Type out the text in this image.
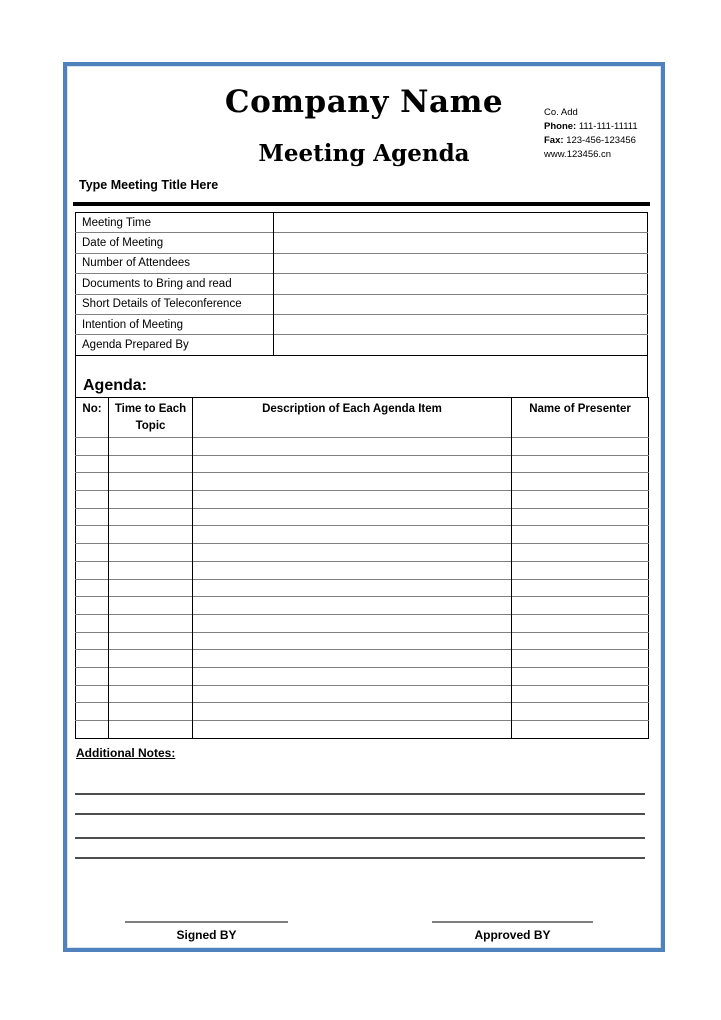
Company Name
Meeting Agenda
Co. Add
Phone: 111-111-11111
Fax: 123-456-123456
www.123456.cn
Type Meeting Title Here
Meeting Time	
Date of Meeting	
Number of Attendees	
Documents to Bring and read	
Short Details of Teleconference	
Intention of Meeting	
Agenda Prepared By	
Agenda:
No:	Time to Each Topic	Description of Each Agenda Item	Name of Presenter

Additional Notes:
Signed BY	Approved BY
